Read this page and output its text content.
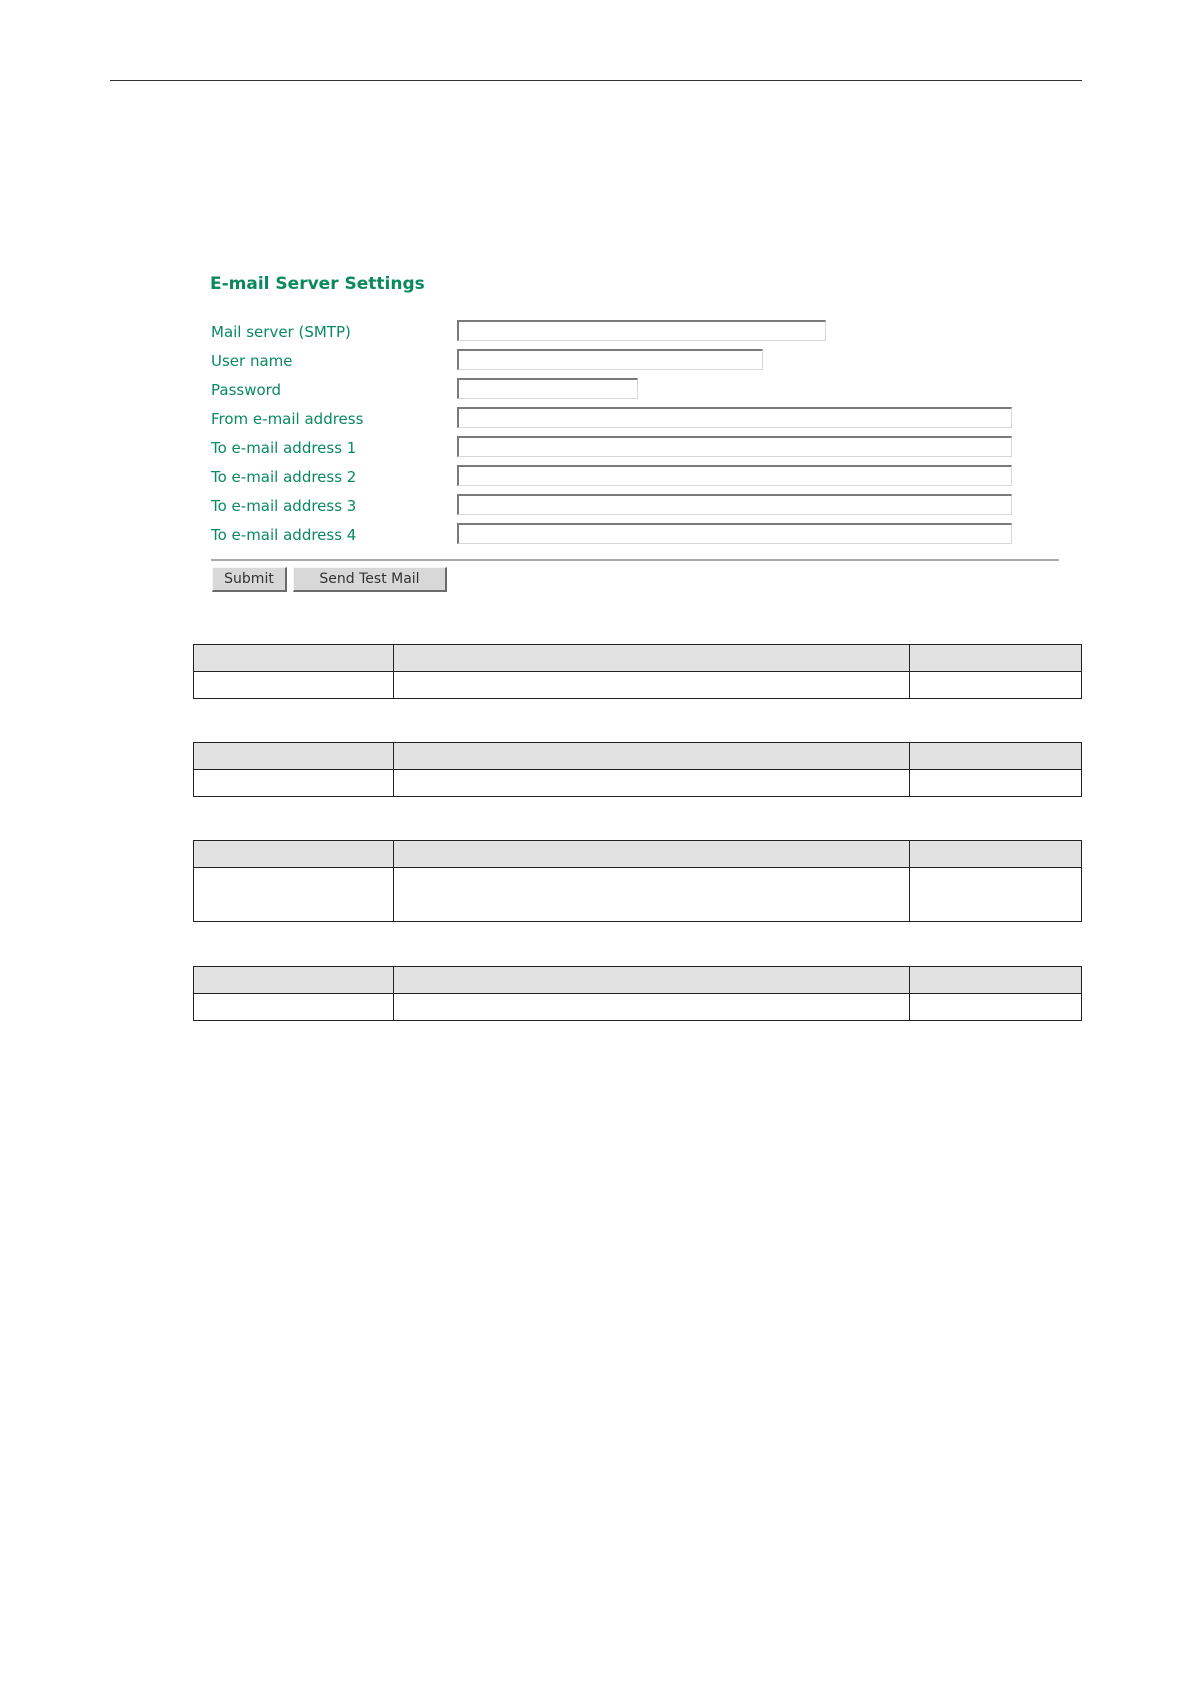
E-mail Server Settings
Mail server (SMTP)
User name
Password
From e-mail address
To e-mail address 1
To e-mail address 2
To e-mail address 3
To e-mail address 4
Submit	Send Test Mail
